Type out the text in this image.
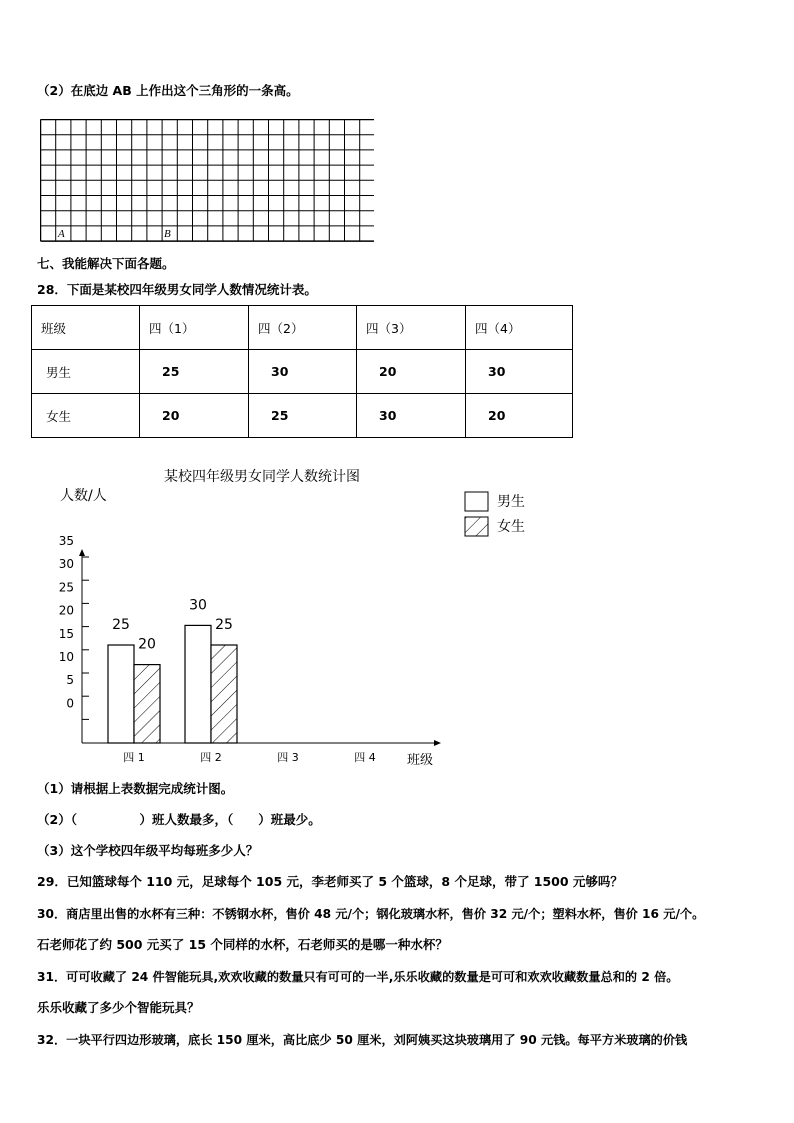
（2）在底边 AB 上作出这个三角形的一条高。
A	B
七、我能解决下面各题。
28．下面是某校四年级男女同学人数情况统计表。
班级	四（1）	四（2）	四（3）	四（4）
男生	25	30	20	30
女生	20	25	30	20
某校四年级男女同学人数统计图
人数/人	男生
女生
班级
0
5
10
15
20
25
30
35
25
30
20
25
四 1	四 2	四 3	四 4
（1）请根据上表数据完成统计图。
（2）（　　　　　）班人数最多，（　　）班最少。
（3）这个学校四年级平均每班多少人？
29．已知篮球每个 110 元，足球每个 105 元，李老师买了 5 个篮球，8 个足球，带了 1500 元够吗？
30．商店里出售的水杯有三种：不锈钢水杯，售价 48 元/个；钢化玻璃水杯，售价 32 元/个；塑料水杯，售价 16 元/个。
石老师花了约 500 元买了 15 个同样的水杯，石老师买的是哪一种水杯？
31．可可收藏了 24 件智能玩具,欢欢收藏的数量只有可可的一半,乐乐收藏的数量是可可和欢欢收藏数量总和的 2 倍。
乐乐收藏了多少个智能玩具？
32．一块平行四边形玻璃，底长 150 厘米，高比底少 50 厘米，刘阿姨买这块玻璃用了 90 元钱。每平方米玻璃的价钱
